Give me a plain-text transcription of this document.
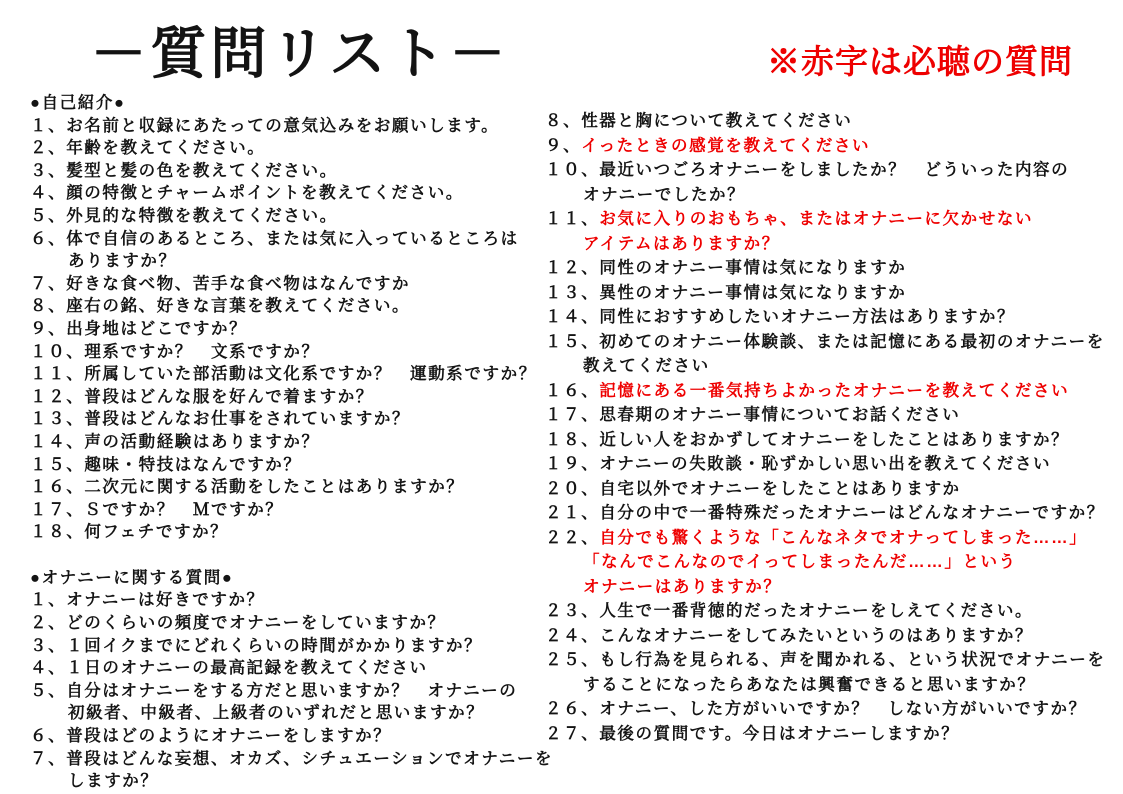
－質問リスト－	※赤字は必聴の質問
●自己紹介●
１、お名前と収録にあたっての意気込みをお願いします。
２、年齢を教えてください。
３、髪型と髪の色を教えてください。
４、顔の特徴とチャームポイントを教えてください。
５、外見的な特徴を教えてください。
６、体で自信のあるところ、または気に入っているところは
ありますか？
７、好きな食べ物、苦手な食べ物はなんですか
８、座右の銘、好きな言葉を教えてください。
９、出身地はどこですか？
１０、理系ですか？　文系ですか？
１１、所属していた部活動は文化系ですか？　運動系ですか？
１２、普段はどんな服を好んで着ますか？
１３、普段はどんなお仕事をされていますか？
１４、声の活動経験はありますか？
１５、趣味・特技はなんですか？
１６、二次元に関する活動をしたことはありますか？
１７、Ｓですか？　Ｍですか？
１８、何フェチですか？
●オナニーに関する質問●
１、オナニーは好きですか？
２、どのくらいの頻度でオナニーをしていますか？
３、１回イクまでにどれくらいの時間がかかりますか？
４、１日のオナニーの最高記録を教えてください
５、自分はオナニーをする方だと思いますか？　オナニーの
初級者、中級者、上級者のいずれだと思いますか？
６、普段はどのようにオナニーをしますか？
７、普段はどんな妄想、オカズ、シチュエーションでオナニーを
しますか？
８、性器と胸について教えてください
９、イったときの感覚を教えてください
１０、最近いつごろオナニーをしましたか？　どういった内容の
オナニーでしたか？
１１、お気に入りのおもちゃ、またはオナニーに欠かせない
アイテムはありますか？
１２、同性のオナニー事情は気になりますか
１３、異性のオナニー事情は気になりますか
１４、同性におすすめしたいオナニー方法はありますか？
１５、初めてのオナニー体験談、または記憶にある最初のオナニーを
教えてください
１６、記憶にある一番気持ちよかったオナニーを教えてください
１７、思春期のオナニー事情についてお話ください
１８、近しい人をおかずしてオナニーをしたことはありますか？
１９、オナニーの失敗談・恥ずかしい思い出を教えてください
２０、自宅以外でオナニーをしたことはありますか
２１、自分の中で一番特殊だったオナニーはどんなオナニーですか？
２２、自分でも驚くような「こんなネタでオナってしまった……」
「なんでこんなのでイってしまったんだ……」という
オナニーはありますか？
２３、人生で一番背徳的だったオナニーをしえてください。
２４、こんなオナニーをしてみたいというのはありますか？
２５、もし行為を見られる、声を聞かれる、という状況でオナニーを
することになったらあなたは興奮できると思いますか？
２６、オナニー、した方がいいですか？　しない方がいいですか？
２７、最後の質問です。今日はオナニーしますか？
